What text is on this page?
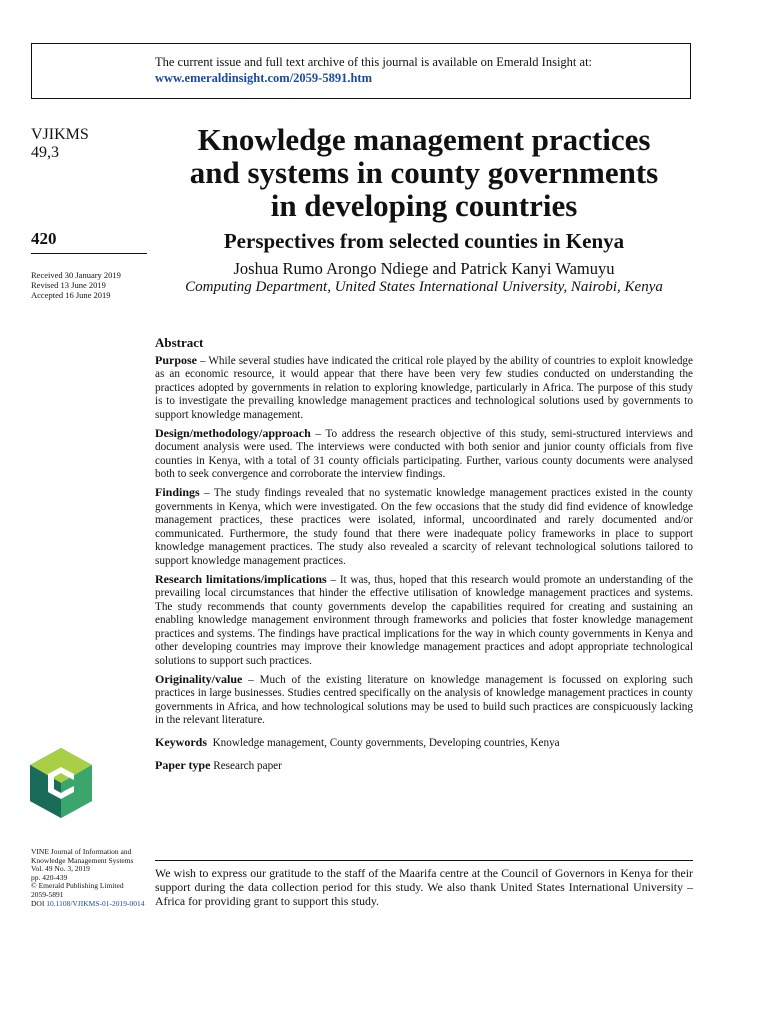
The current issue and full text archive of this journal is available on Emerald Insight at:
www.emeraldinsight.com/2059-5891.htm
VJIKMS
49,3
420
Received 30 January 2019
Revised 13 June 2019
Accepted 16 June 2019
Knowledge management practices
and systems in county governments
in developing countries
Perspectives from selected counties in Kenya
Joshua Rumo Arongo Ndiege and Patrick Kanyi Wamuyu
Computing Department, United States International University, Nairobi, Kenya
Abstract

Purpose – While several studies have indicated the critical role played by the ability of countries to exploit knowledge as an economic resource, it would appear that there have been very few studies conducted on understanding the practices adopted by governments in relation to exploring knowledge, particularly in Africa. The purpose of this study is to investigate the prevailing knowledge management practices and technological solutions used by governments to support knowledge management.

Design/methodology/approach – To address the research objective of this study, semi-structured interviews and document analysis were used. The interviews were conducted with both senior and junior county officials from five counties in Kenya, with a total of 31 county officials participating. Further, various county documents were analysed both to seek convergence and corroborate the interview findings.

Findings – The study findings revealed that no systematic knowledge management practices existed in the county governments in Kenya, which were investigated. On the few occasions that the study did find evidence of knowledge management practices, these practices were isolated, informal, uncoordinated and rarely documented and/or communicated. Furthermore, the study found that there were inadequate policy frameworks in place to support knowledge management practices. The study also revealed a scarcity of relevant technological solutions tailored to support knowledge management practices.

Research limitations/implications – It was, thus, hoped that this research would promote an understanding of the prevailing local circumstances that hinder the effective utilisation of knowledge management practices and systems. The study recommends that county governments develop the capabilities required for creating and sustaining an enabling knowledge management environment through frameworks and policies that foster knowledge management practices and systems. The findings have practical implications for the way in which county governments in Kenya and other developing countries may improve their knowledge management practices and adopt appropriate technological solutions to support such practices.

Originality/value – Much of the existing literature on knowledge management is focussed on exploring such practices in large businesses. Studies centred specifically on the analysis of knowledge management practices in county governments in Africa, and how technological solutions may be used to build such practices are conspicuously lacking in the relevant literature.

Keywords Knowledge management, County governments, Developing countries, Kenya

Paper type Research paper

VINE Journal of Information and
Knowledge Management Systems
Vol. 49 No. 3, 2019
pp. 420-439
© Emerald Publishing Limited
2059-5891
DOI 10.1108/VJIKMS-01-2019-0014
We wish to express our gratitude to the staff of the Maarifa centre at the Council of Governors in Kenya for their support during the data collection period for this study. We also thank United States International University – Africa for providing grant to support this study.
